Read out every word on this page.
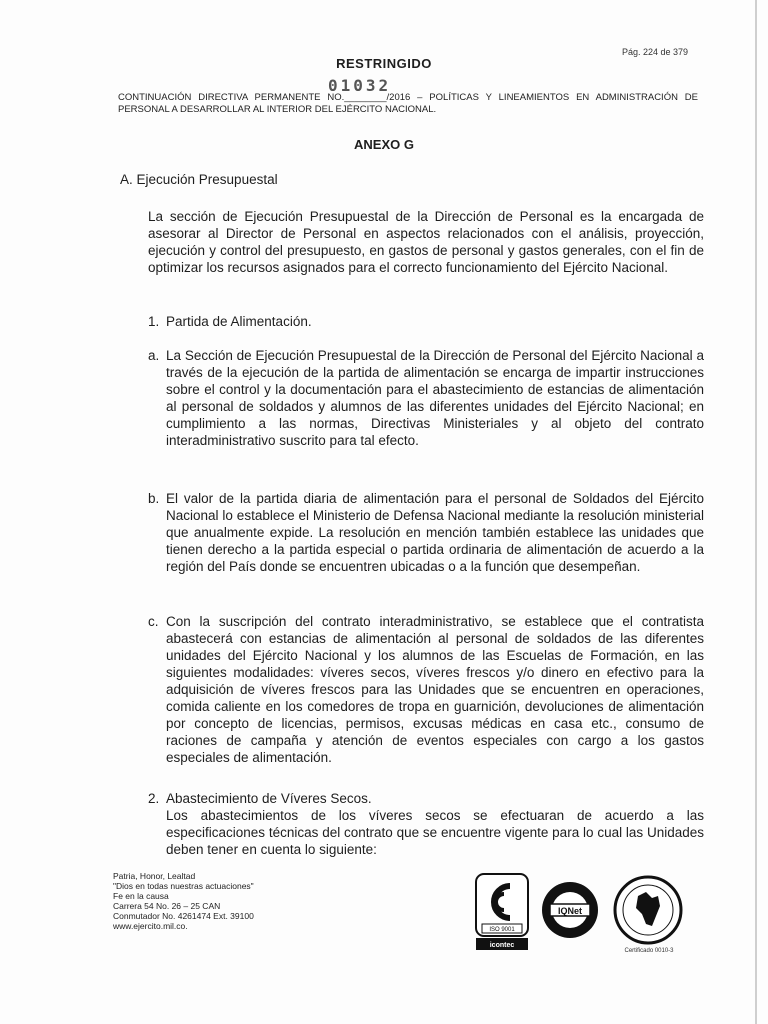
Pág. 224 de 379
RESTRINGIDO
01032
CONTINUACIÓN DIRECTIVA PERMANENTE NO.________/2016 – POLÍTICAS Y LINEAMIENTOS EN ADMINISTRACIÓN DE PERSONAL A DESARROLLAR AL INTERIOR DEL EJÉRCITO NACIONAL.
ANEXO G
A. Ejecución Presupuestal

La sección de Ejecución Presupuestal de la Dirección de Personal es la encargada de asesorar al Director de Personal en aspectos relacionados con el análisis, proyección, ejecución y control del presupuesto, en gastos de personal y gastos generales, con el fin de optimizar los recursos asignados para el correcto funcionamiento del Ejército Nacional.

1. Partida de Alimentación.
a. La Sección de Ejecución Presupuestal de la Dirección de Personal del Ejército Nacional a través de la ejecución de la partida de alimentación se encarga de impartir instrucciones sobre el control y la documentación para el abastecimiento de estancias de alimentación al personal de soldados y alumnos de las diferentes unidades del Ejército Nacional; en cumplimiento a las normas, Directivas Ministeriales y al objeto del contrato interadministrativo suscrito para tal efecto.
b. El valor de la partida diaria de alimentación para el personal de Soldados del Ejército Nacional lo establece el Ministerio de Defensa Nacional mediante la resolución ministerial que anualmente expide. La resolución en mención también establece las unidades que tienen derecho a la partida especial o partida ordinaria de alimentación de acuerdo a la región del País donde se encuentren ubicadas o a la función que desempeñan.
c. Con la suscripción del contrato interadministrativo, se establece que el contratista abastecerá con estancias de alimentación al personal de soldados de las diferentes unidades del Ejército Nacional y los alumnos de las Escuelas de Formación, en las siguientes modalidades: víveres secos, víveres frescos y/o dinero en efectivo para la adquisición de víveres frescos para las Unidades que se encuentren en operaciones, comida caliente en los comedores de tropa en guarnición, devoluciones de alimentación por concepto de licencias, permisos, excusas médicas en casa etc., consumo de raciones de campaña y atención de eventos especiales con cargo a los gastos especiales de alimentación.
2. Abastecimiento de Víveres Secos.
Los abastecimientos de los víveres secos se efectuaran de acuerdo a las especificaciones técnicas del contrato que se encuentre vigente para lo cual las Unidades deben tener en cuenta lo siguiente:
Patria, Honor, Lealtad
"Dios en todas nuestras actuaciones"
Fe en la causa
Carrera 54 No. 26 – 25 CAN
Conmutador No. 4261474 Ext. 39100
www.ejercito.mil.co.	ISO 9001
icontec
IQNet
Certificado 0010-3
